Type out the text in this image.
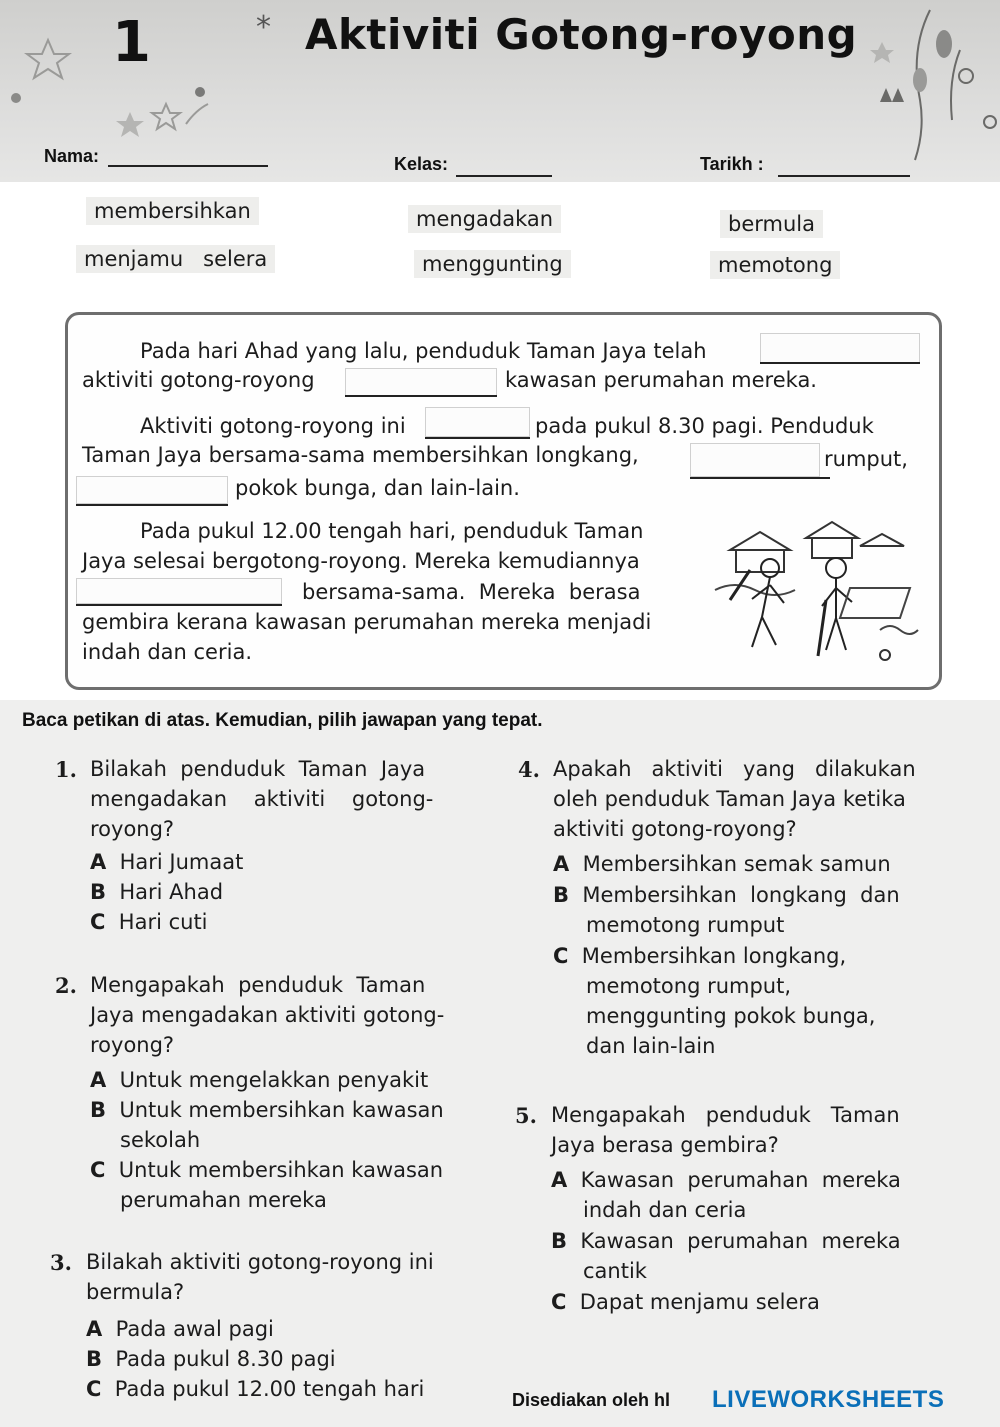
1	* Aktiviti Gotong-royong
Nama:	Kelas:	Tarikh :
membersihkan	mengadakan	bermula
menjamu   selera	menggunting	memotong
Pada hari Ahad yang lalu, penduduk Taman Jaya telah
aktiviti gotong-royong	kawasan perumahan mereka.
Aktiviti gotong-royong ini	pada pukul 8.30 pagi. Penduduk
Taman Jaya bersama-sama membersihkan longkang,	rumput,
pokok bunga, dan lain-lain.
Pada pukul 12.00 tengah hari, penduduk Taman
Jaya selesai bergotong-royong. Mereka kemudiannya
bersama-sama.  Mereka  berasa
gembira kerana kawasan perumahan mereka menjadi
indah dan ceria.
Baca petikan di atas. Kemudian, pilih jawapan yang tepat.
1. Bilakah  penduduk  Taman  Jaya
mengadakan    aktiviti    gotong-
royong?
A Hari Jumaat
B Hari Ahad
C Hari cuti
2. Mengapakah  penduduk  Taman
Jaya mengadakan aktiviti gotong-
royong?
A Untuk mengelakkan penyakit
B Untuk membersihkan kawasan
sekolah
C Untuk membersihkan kawasan
perumahan mereka
3. Bilakah aktiviti gotong-royong ini
bermula?
A Pada awal pagi
B Pada pukul 8.30 pagi
C Pada pukul 12.00 tengah hari
4. Apakah   aktiviti   yang   dilakukan
oleh penduduk Taman Jaya ketika
aktiviti gotong-royong?
A Membersihkan semak samun
B Membersihkan  longkang  dan
memotong rumput
C Membersihkan longkang,
memotong rumput,
menggunting pokok bunga,
dan lain-lain
5. Mengapakah   penduduk   Taman
Jaya berasa gembira?
A Kawasan  perumahan  mereka
indah dan ceria
B Kawasan  perumahan  mereka
cantik
C Dapat menjamu selera
Disediakan oleh hl LIVEWORKSHEETS
